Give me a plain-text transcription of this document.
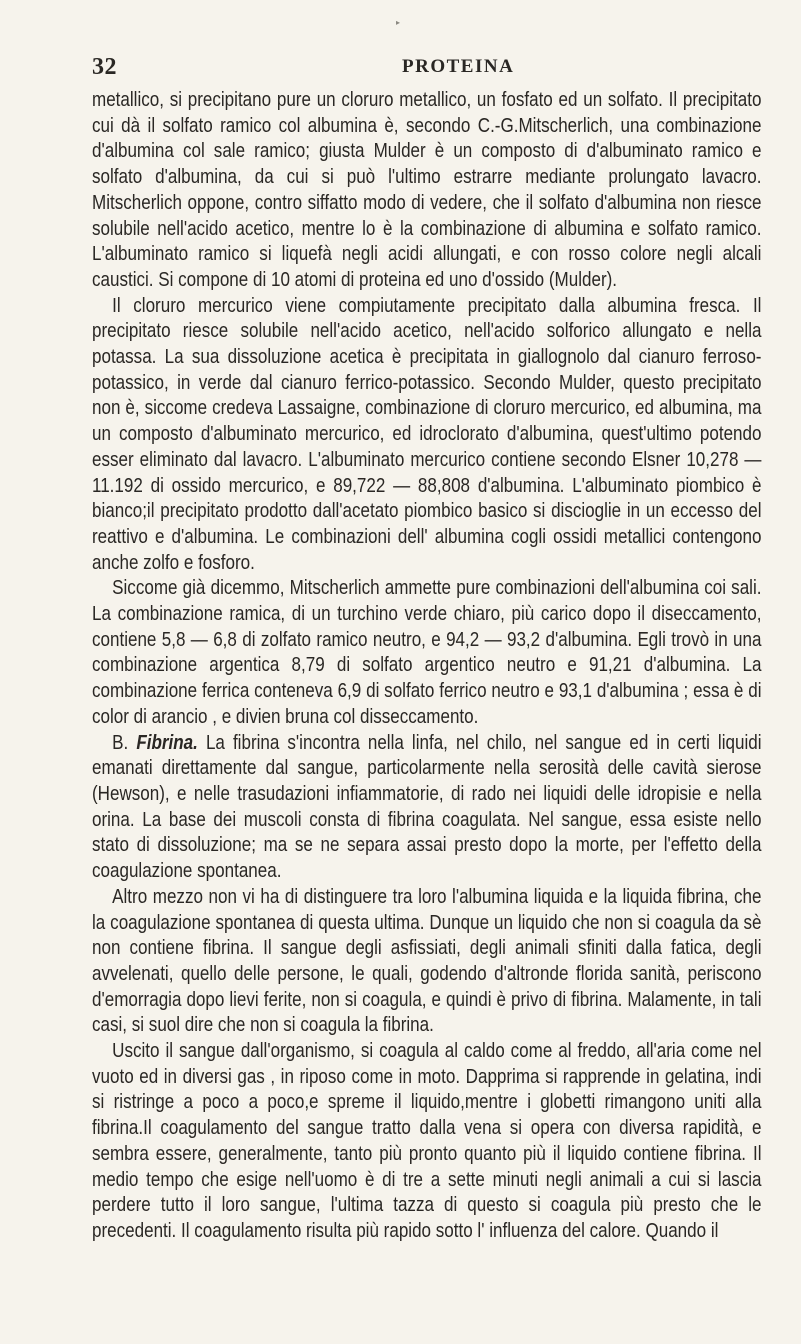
▸
32	PROTEINA

metallico, si precipitano pure un cloruro metallico, un fosfato ed un solfato. Il precipitato cui dà il solfato ramico col albumina è, secondo C.-G.Mitscherlich, una combinazione d'albumina col sale ramico; giusta Mulder è un composto di d'albuminato ramico e solfato d'albumina, da cui si può l'ultimo estrarre mediante prolungato lavacro. Mitscherlich oppone, contro siffatto modo di vedere, che il solfato d'albumina non riesce solubile nell'acido acetico, mentre lo è la combinazione di albumina e solfato ramico. L'albuminato ramico si liquefà negli acidi allungati, e con rosso colore negli alcali caustici. Si compone di 10 atomi di proteina ed uno d'ossido (Mulder).

Il cloruro mercurico viene compiutamente precipitato dalla albumina fresca. Il precipitato riesce solubile nell'acido acetico, nell'acido solforico allungato e nella potassa. La sua dissoluzione acetica è precipitata in giallognolo dal cianuro ferroso-potassico, in verde dal cianuro ferrico-potassico. Secondo Mulder, questo precipitato non è, siccome credeva Lassaigne, combinazione di cloruro mercurico, ed albumina, ma un composto d'albuminato mercurico, ed idroclorato d'albumina, quest'ultimo potendo esser eliminato dal lavacro. L'albuminato mercurico contiene secondo Elsner 10,278 — 11.192 di ossido mercurico, e 89,722 — 88,808 d'albumina. L'albuminato piombico è bianco;il precipitato prodotto dall'acetato piombico basico si discioglie in un eccesso del reattivo e d'albumina. Le combinazioni dell' albumina cogli ossidi metallici contengono anche zolfo e fosforo.

Siccome già dicemmo, Mitscherlich ammette pure combinazioni dell'albumina coi sali. La combinazione ramica, di un turchino verde chiaro, più carico dopo il diseccamento, contiene 5,8 — 6,8 di zolfato ramico neutro, e 94,2 — 93,2 d'albumina. Egli trovò in una combinazione argentica 8,79 di solfato argentico neutro e 91,21 d'albumina. La combinazione ferrica conteneva 6,9 di solfato ferrico neutro e 93,1 d'albumina ; essa è di color di arancio , e divien bruna col disseccamento.

B. Fibrina. La fibrina s'incontra nella linfa, nel chilo, nel sangue ed in certi liquidi emanati direttamente dal sangue, particolarmente nella serosità delle cavità sierose (Hewson), e nelle trasudazioni infiammatorie, di rado nei liquidi delle idropisie e nella orina. La base dei muscoli consta di fibrina coagulata. Nel sangue, essa esiste nello stato di dissoluzione; ma se ne separa assai presto dopo la morte, per l'effetto della coagulazione spontanea.

Altro mezzo non vi ha di distinguere tra loro l'albumina liquida e la liquida fibrina, che la coagulazione spontanea di questa ultima. Dunque un liquido che non si coagula da sè non contiene fibrina. Il sangue degli asfissiati, degli animali sfiniti dalla fatica, degli avvelenati, quello delle persone, le quali, godendo d'altronde florida sanità, periscono d'emorragia dopo lievi ferite, non si coagula, e quindi è privo di fibrina. Malamente, in tali casi, si suol dire che non si coagula la fibrina.

Uscito il sangue dall'organismo, si coagula al caldo come al freddo, all'aria come nel vuoto ed in diversi gas , in riposo come in moto. Dapprima si rapprende in gelatina, indi si ristringe a poco a poco,e spreme il liquido,mentre i globetti rimangono uniti alla fibrina.Il coagulamento del sangue tratto dalla vena si opera con diversa rapidità, e sembra essere, generalmente, tanto più pronto quanto più il liquido contiene fibrina. Il medio tempo che esige nell'uomo è di tre a sette minuti negli animali a cui si lascia perdere tutto il loro sangue, l'ultima tazza di questo si coagula più presto che le precedenti. Il coagulamento risulta più rapido sotto l' influenza del calore. Quando il
